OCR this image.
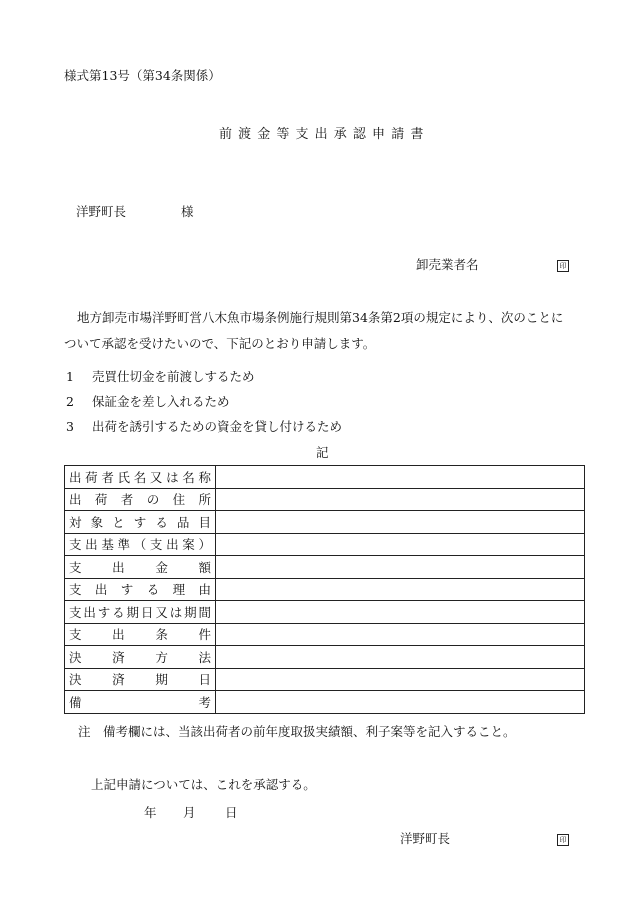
様式第13号（第34条関係）
前 渡 金 等 支 出 承 認 申 請 書
洋野町長	様
卸売業者名	印
地方卸売市場洋野町営八木魚市場条例施行規則第34条第2項の規定により、次のことに
ついて承認を受けたいので、下記のとおり申請します。
1 売買仕切金を前渡しするため
2 保証金を差し入れるため
3 出荷を誘引するための資金を貸し付けるため
記
出荷者氏名又は名称	
出荷者の住所	
対象とする品目	
支出基準（支出案）	
支出金額	
支出する理由	
支出する期日又は期間	
支出条件	
決済方法	
決済期日	
備考	
注　備考欄には、当該出荷者の前年度取扱実績額、利子案等を記入すること。
上記申請については、これを承認する。
年 月 日
洋野町長	印
